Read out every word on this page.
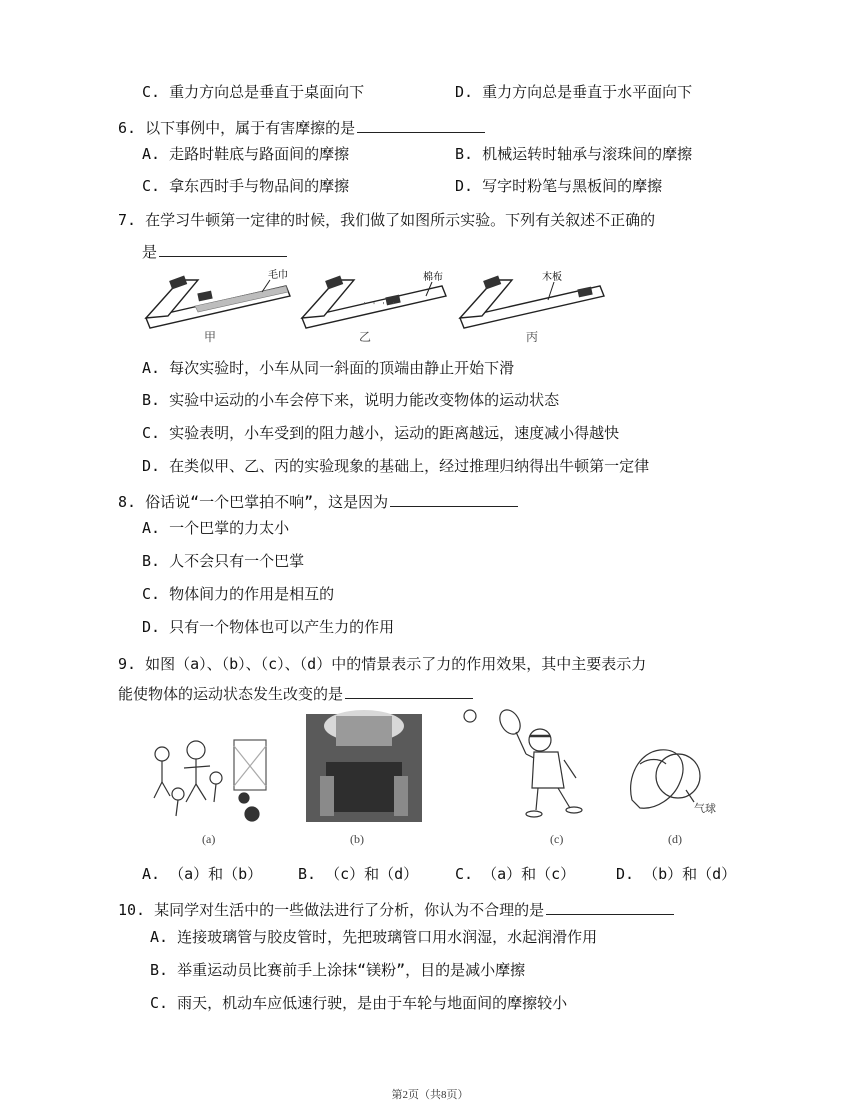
C. 重力方向总是垂直于桌面向下	D. 重力方向总是垂直于水平面向下
6. 以下事例中，属于有害摩擦的是
A. 走路时鞋底与路面间的摩擦	B. 机械运转时轴承与滚珠间的摩擦
C. 拿东西时手与物品间的摩擦	D. 写字时粉笔与黑板间的摩擦
7. 在学习牛顿第一定律的时候，我们做了如图所示实验。下列有关叙述不正确的
是
毛巾
' ' ' '
棉布	木板
甲	乙	丙
A. 每次实验时，小车从同一斜面的顶端由静止开始下滑
B. 实验中运动的小车会停下来，说明力能改变物体的运动状态
C. 实验表明，小车受到的阻力越小，运动的距离越远，速度减小得越快
D. 在类似甲、乙、丙的实验现象的基础上，经过推理归纳得出牛顿第一定律
8. 俗话说“一个巴掌拍不响”，这是因为
A. 一个巴掌的力太小
B. 人不会只有一个巴掌
C. 物体间力的作用是相互的
D. 只有一个物体也可以产生力的作用
9. 如图（a）、（b）、（c）、（d）中的情景表示了力的作用效果，其中主要表示力
能使物体的运动状态发生改变的是
气球
(a)	(b)	(c)	(d)
A. （a）和（b） B. （c）和（d） C. （a）和（c）	D. （b）和（d）
10. 某同学对生活中的一些做法进行了分析，你认为不合理的是
A. 连接玻璃管与胶皮管时，先把玻璃管口用水润湿，水起润滑作用
B. 举重运动员比赛前手上涂抹“镁粉”，目的是减小摩擦
C. 雨天，机动车应低速行驶，是由于车轮与地面间的摩擦较小
第2页（共8页）
